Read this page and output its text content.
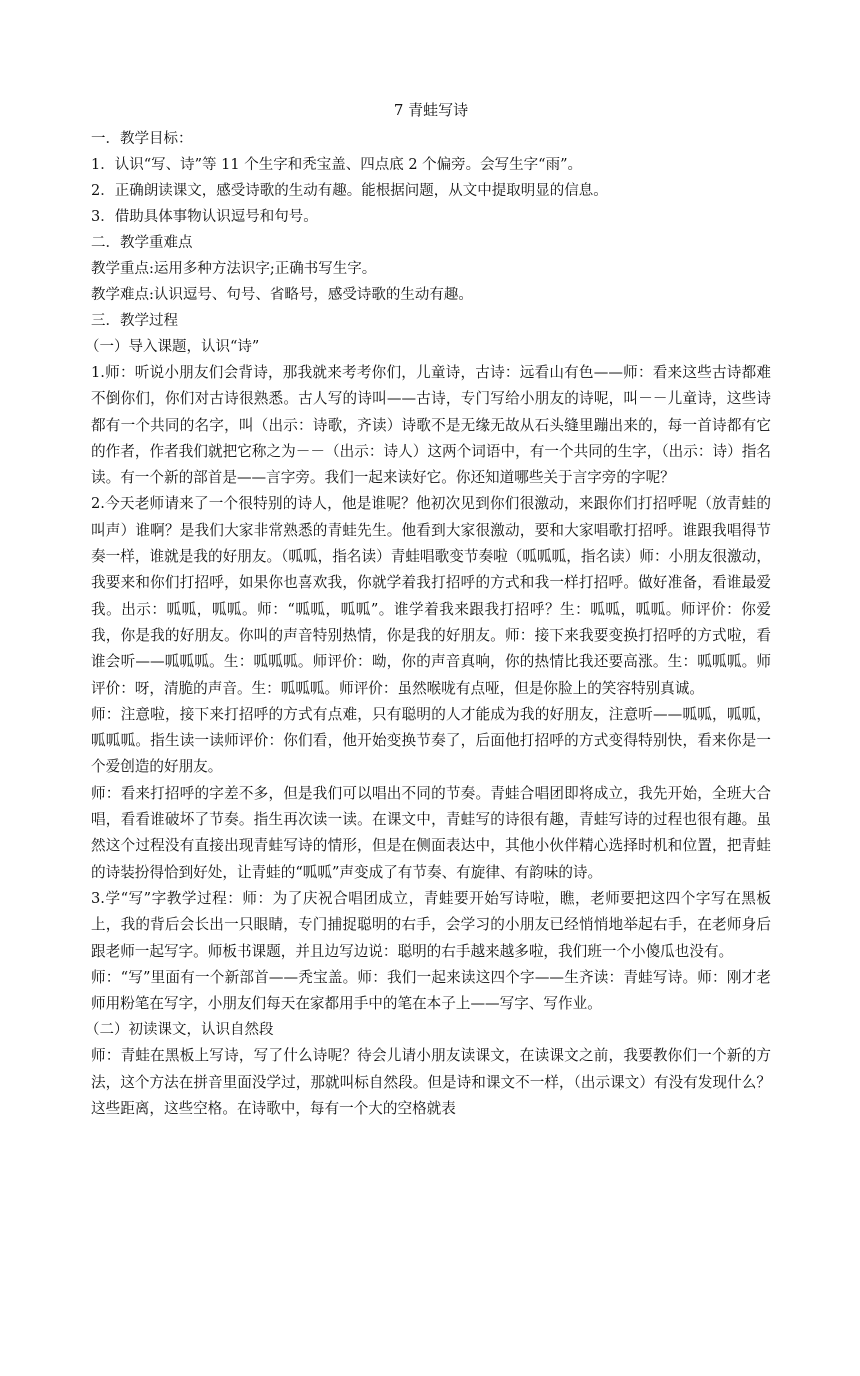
7 青蛙写诗

一．教学目标：

1．认识“写、诗”等 11 个生字和秃宝盖、四点底 2 个偏旁。会写生字“雨”。

2．正确朗读课文，感受诗歌的生动有趣。能根据问题，从文中提取明显的信息。

3．借助具体事物认识逗号和句号。

二．教学重难点

教学重点:运用多种方法识字;正确书写生字。

教学难点:认识逗号、句号、省略号，感受诗歌的生动有趣。

三．教学过程

（一）导入课题，认识“诗”

1.师：听说小朋友们会背诗，那我就来考考你们，儿童诗，古诗：远看山有色——师：看来这些古诗都难不倒你们，你们对古诗很熟悉。古人写的诗叫——古诗，专门写给小朋友的诗呢，叫－－儿童诗，这些诗都有一个共同的名字，叫（出示：诗歌，齐读）诗歌不是无缘无故从石头缝里蹦出来的，每一首诗都有它的作者，作者我们就把它称之为－－（出示：诗人）这两个词语中，有一个共同的生字，（出示：诗）指名读。有一个新的部首是——言字旁。我们一起来读好它。你还知道哪些关于言字旁的字呢？

2.今天老师请来了一个很特别的诗人，他是谁呢？他初次见到你们很激动，来跟你们打招呼呢（放青蛙的叫声）谁啊？是我们大家非常熟悉的青蛙先生。他看到大家很激动，要和大家唱歌打招呼。谁跟我唱得节奏一样，谁就是我的好朋友。（呱呱，指名读）青蛙唱歌变节奏啦（呱呱呱，指名读）师：小朋友很激动，我要来和你们打招呼，如果你也喜欢我，你就学着我打招呼的方式和我一样打招呼。做好准备，看谁最爱我。出示：呱呱，呱呱。师：“呱呱，呱呱”。谁学着我来跟我打招呼？生：呱呱，呱呱。师评价：你爱我，你是我的好朋友。你叫的声音特别热情，你是我的好朋友。师：接下来我要变换打招呼的方式啦，看谁会听——呱呱呱。生：呱呱呱。师评价：呦，你的声音真响，你的热情比我还要高涨。生：呱呱呱。师评价：呀，清脆的声音。生：呱呱呱。师评价：虽然喉咙有点哑，但是你脸上的笑容特别真诚。

师：注意啦，接下来打招呼的方式有点难，只有聪明的人才能成为我的好朋友，注意听——呱呱，呱呱，呱呱呱。指生读一读师评价：你们看，他开始变换节奏了，后面他打招呼的方式变得特别快，看来你是一个爱创造的好朋友。

师：看来打招呼的字差不多，但是我们可以唱出不同的节奏。青蛙合唱团即将成立，我先开始，全班大合唱，看看谁破坏了节奏。指生再次读一读。在课文中，青蛙写的诗很有趣，青蛙写诗的过程也很有趣。虽然这个过程没有直接出现青蛙写诗的情形，但是在侧面表达中，其他小伙伴精心选择时机和位置，把青蛙的诗装扮得恰到好处，让青蛙的“呱呱”声变成了有节奏、有旋律、有韵味的诗。

3.学“写”字教学过程：师：为了庆祝合唱团成立，青蛙要开始写诗啦，瞧，老师要把这四个字写在黑板上，我的背后会长出一只眼睛，专门捕捉聪明的右手，会学习的小朋友已经悄悄地举起右手，在老师身后跟老师一起写字。师板书课题，并且边写边说：聪明的右手越来越多啦，我们班一个小傻瓜也没有。

师：“写”里面有一个新部首——秃宝盖。师：我们一起来读这四个字——生齐读：青蛙写诗。师：刚才老师用粉笔在写字，小朋友们每天在家都用手中的笔在本子上——写字、写作业。

（二）初读课文，认识自然段

师：青蛙在黑板上写诗，写了什么诗呢？待会儿请小朋友读课文，在读课文之前，我要教你们一个新的方法，这个方法在拼音里面没学过，那就叫标自然段。但是诗和课文不一样，（出示课文）有没有发现什么？这些距离，这些空格。在诗歌中，每有一个大的空格就表
